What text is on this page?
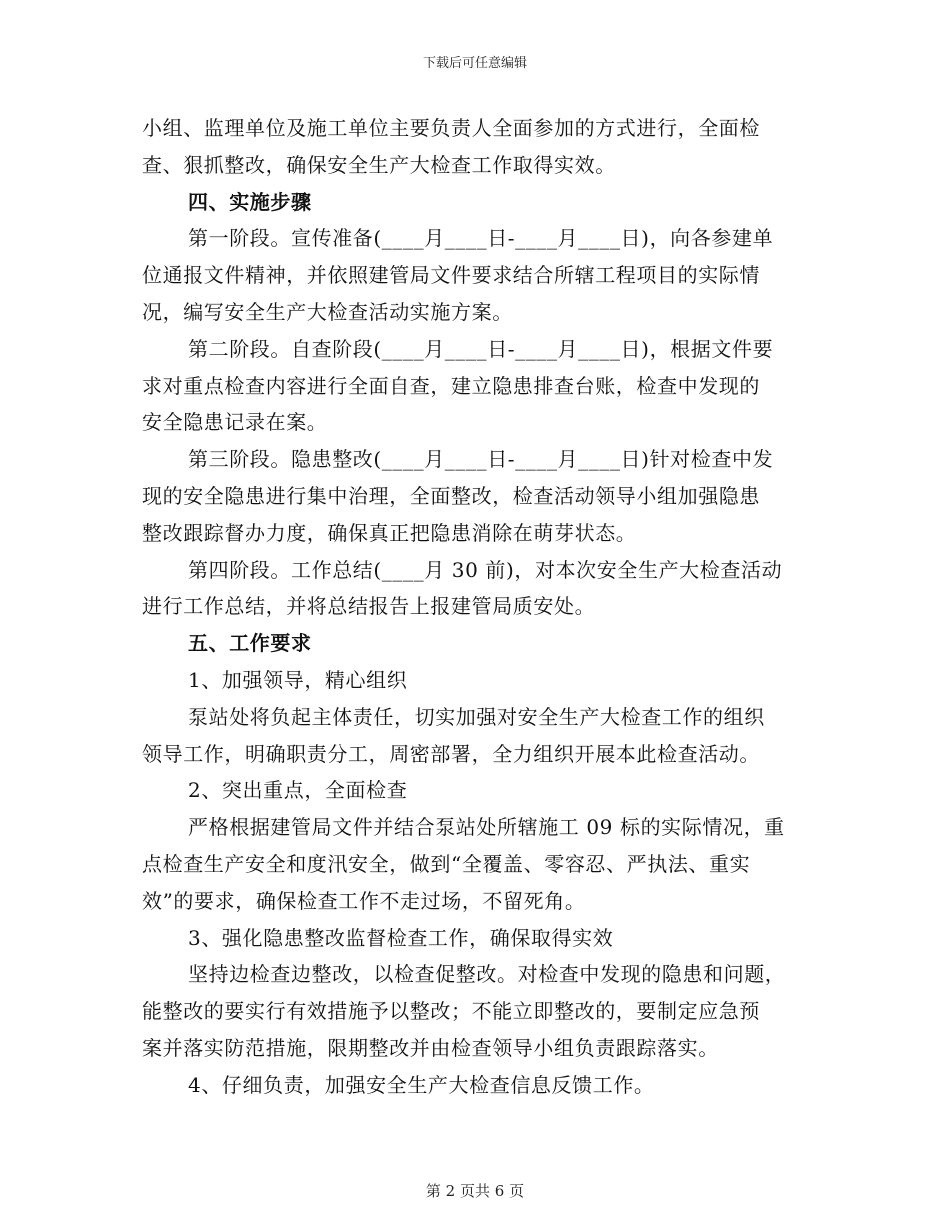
下载后可任意编辑
小组、监理单位及施工单位主要负责人全面参加的方式进行，全面检
查、狠抓整改，确保安全生产大检查工作取得实效。
四、实施步骤
第一阶段。宣传准备(____月____日-____月____日)，向各参建单
位通报文件精神，并依照建管局文件要求结合所辖工程项目的实际情
况，编写安全生产大检查活动实施方案。
第二阶段。自查阶段(____月____日-____月____日)，根据文件要
求对重点检查内容进行全面自查，建立隐患排查台账，检查中发现的
安全隐患记录在案。
第三阶段。隐患整改(____月____日-____月____日)针对检查中发
现的安全隐患进行集中治理，全面整改，检查活动领导小组加强隐患
整改跟踪督办力度，确保真正把隐患消除在萌芽状态。
第四阶段。工作总结(____月 30 前)，对本次安全生产大检查活动
进行工作总结，并将总结报告上报建管局质安处。
五、工作要求
1、加强领导，精心组织
泵站处将负起主体责任，切实加强对安全生产大检查工作的组织
领导工作，明确职责分工，周密部署，全力组织开展本此检查活动。
2、突出重点，全面检查
严格根据建管局文件并结合泵站处所辖施工 09 标的实际情况，重
点检查生产安全和度汛安全，做到“全覆盖、零容忍、严执法、重实
效”的要求，确保检查工作不走过场，不留死角。
3、强化隐患整改监督检查工作，确保取得实效
坚持边检查边整改，以检查促整改。对检查中发现的隐患和问题，
能整改的要实行有效措施予以整改；不能立即整改的，要制定应急预
案并落实防范措施，限期整改并由检查领导小组负责跟踪落实。
4、仔细负责，加强安全生产大检查信息反馈工作。
第 2 页共 6 页
